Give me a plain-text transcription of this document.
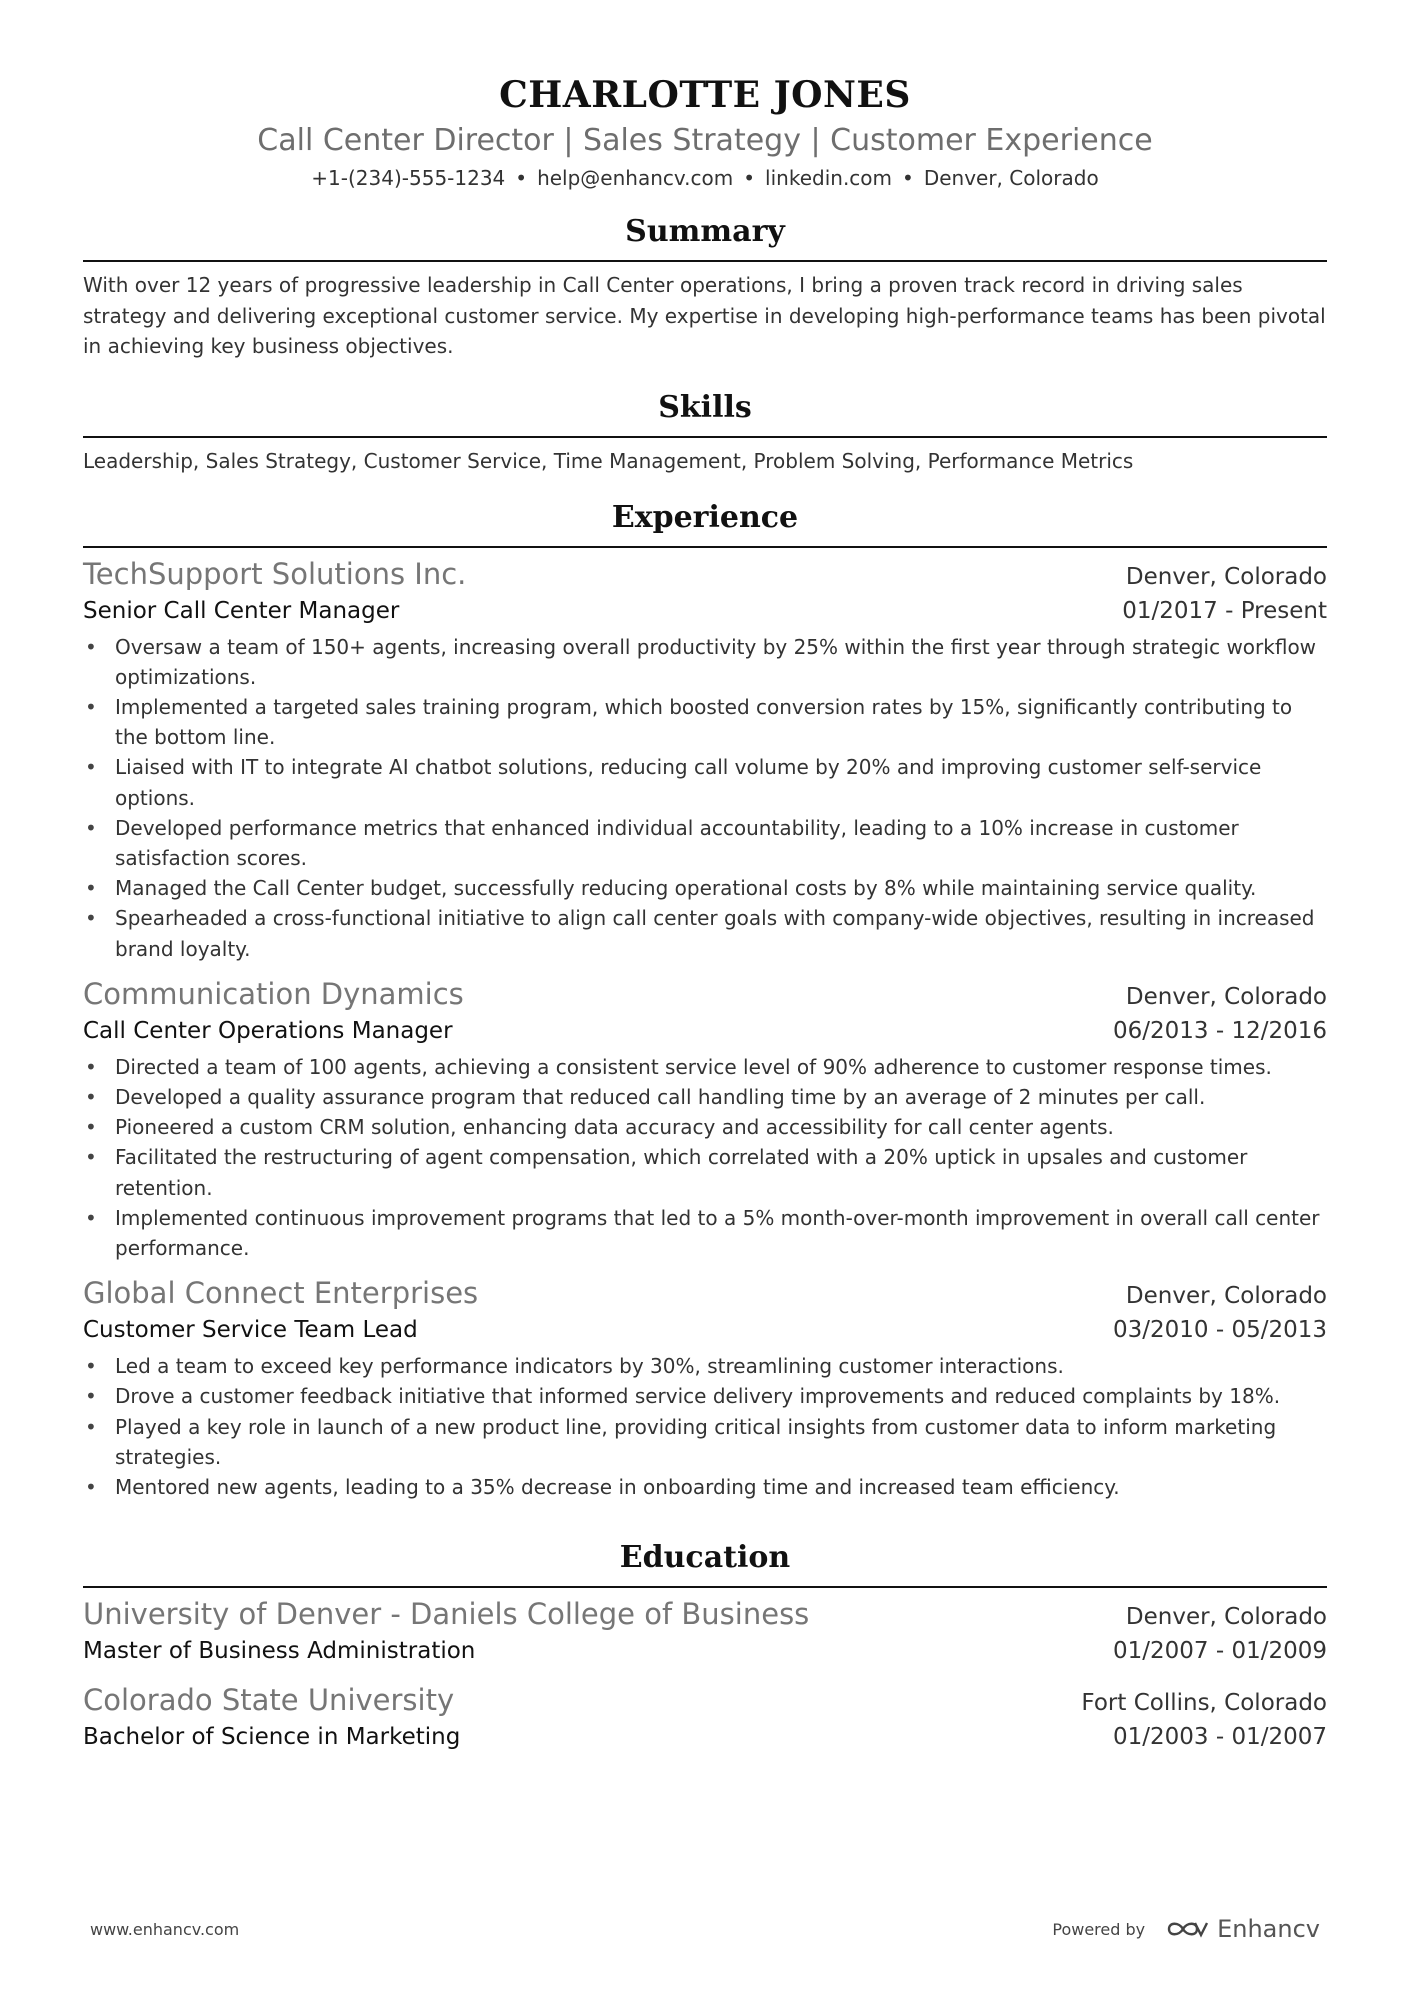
CHARLOTTE JONES
Call Center Director | Sales Strategy | Customer Experience
+1-(234)-555-1234 • help@enhancv.com • linkedin.com • Denver, Colorado
Summary
With over 12 years of progressive leadership in Call Center operations, I bring a proven track record in driving sales strategy and delivering exceptional customer service. My expertise in developing high-performance teams has been pivotal in achieving key business objectives.
Skills
Leadership, Sales Strategy, Customer Service, Time Management, Problem Solving, Performance Metrics
Experience
TechSupport Solutions Inc.	Denver, Colorado
Senior Call Center Manager	01/2017 - Present
• Oversaw a team of 150+ agents, increasing overall productivity by 25% within the first year through strategic workflow optimizations.
• Implemented a targeted sales training program, which boosted conversion rates by 15%, significantly contributing to the bottom line.
• Liaised with IT to integrate AI chatbot solutions, reducing call volume by 20% and improving customer self-service options.
• Developed performance metrics that enhanced individual accountability, leading to a 10% increase in customer satisfaction scores.
• Managed the Call Center budget, successfully reducing operational costs by 8% while maintaining service quality.
• Spearheaded a cross-functional initiative to align call center goals with company-wide objectives, resulting in increased brand loyalty.
Communication Dynamics	Denver, Colorado
Call Center Operations Manager	06/2013 - 12/2016
• Directed a team of 100 agents, achieving a consistent service level of 90% adherence to customer response times.
• Developed a quality assurance program that reduced call handling time by an average of 2 minutes per call.
• Pioneered a custom CRM solution, enhancing data accuracy and accessibility for call center agents.
• Facilitated the restructuring of agent compensation, which correlated with a 20% uptick in upsales and customer retention.
• Implemented continuous improvement programs that led to a 5% month-over-month improvement in overall call center performance.
Global Connect Enterprises	Denver, Colorado
Customer Service Team Lead	03/2010 - 05/2013
• Led a team to exceed key performance indicators by 30%, streamlining customer interactions.
• Drove a customer feedback initiative that informed service delivery improvements and reduced complaints by 18%.
• Played a key role in launch of a new product line, providing critical insights from customer data to inform marketing strategies.
• Mentored new agents, leading to a 35% decrease in onboarding time and increased team efficiency.
Education
University of Denver - Daniels College of Business	Denver, Colorado
Master of Business Administration	01/2007 - 01/2009
Colorado State University	Fort Collins, Colorado
Bachelor of Science in Marketing	01/2003 - 01/2007
www.enhancv.com	Powered by	Enhancv
